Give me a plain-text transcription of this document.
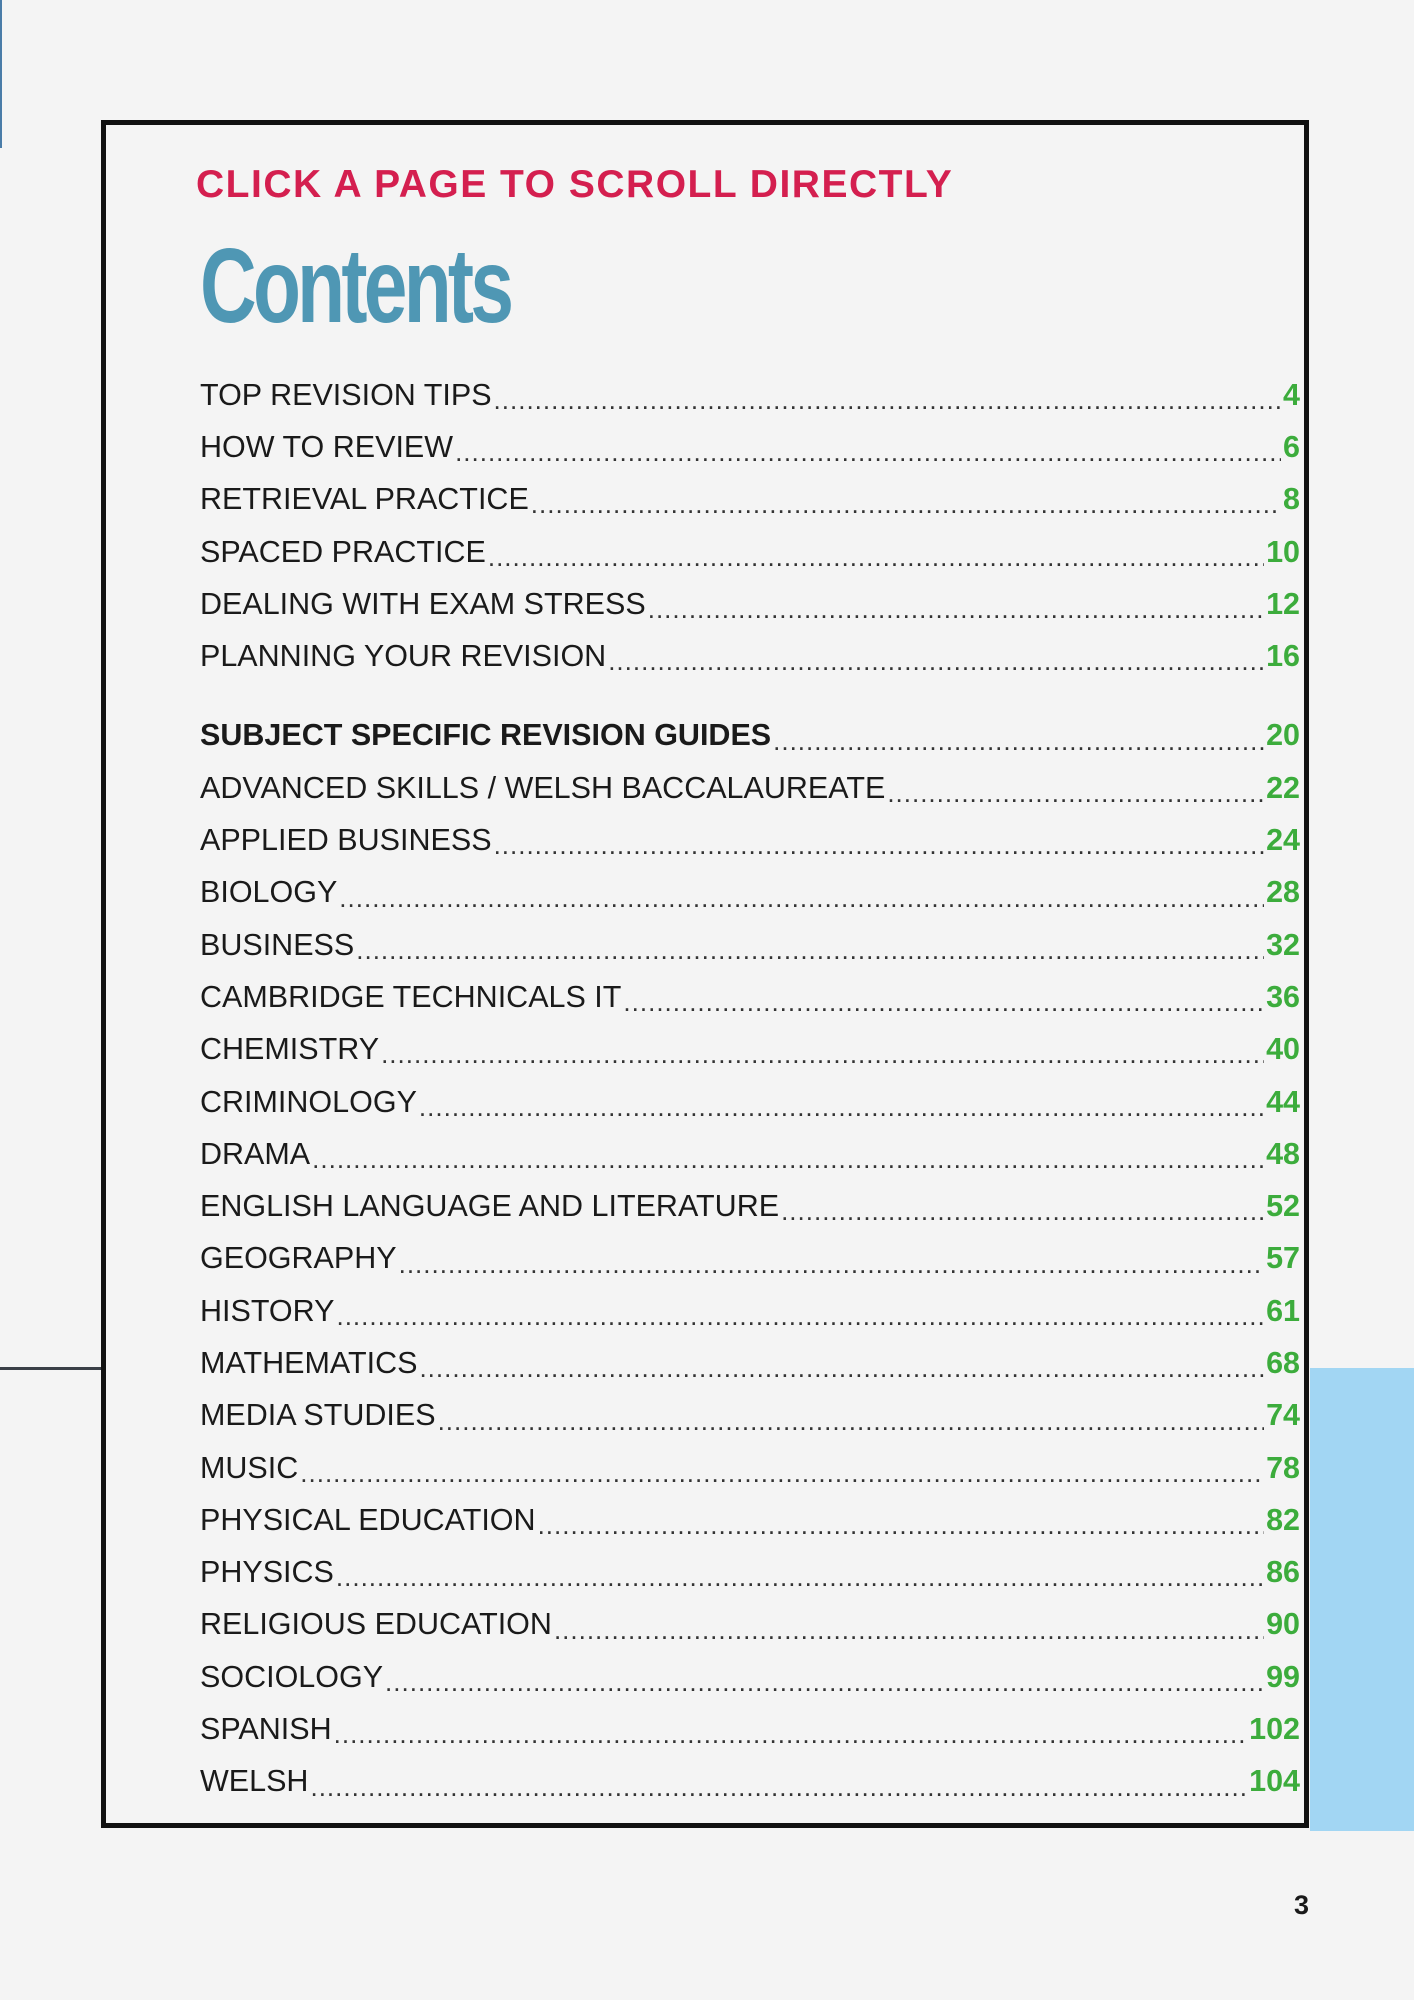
CLICK A PAGE TO SCROLL DIRECTLY
Contents
TOP REVISION TIPS .....	4
HOW TO REVIEW .....	6
RETRIEVAL PRACTICE .....	8
SPACED PRACTICE .....	10
DEALING WITH EXAM STRESS .....	12
PLANNING YOUR REVISION .....	16
SUBJECT SPECIFIC REVISION GUIDES .....	20
ADVANCED SKILLS / WELSH BACCALAUREATE .....	22
APPLIED BUSINESS .....	24
BIOLOGY .....	28
BUSINESS .....	32
CAMBRIDGE TECHNICALS IT .....	36
CHEMISTRY .....	40
CRIMINOLOGY .....	44
DRAMA .....	48
ENGLISH LANGUAGE AND LITERATURE .....	52
GEOGRAPHY .....	57
HISTORY .....	61
MATHEMATICS .....	68
MEDIA STUDIES .....	74
MUSIC .....	78
PHYSICAL EDUCATION .....	82
PHYSICS .....	86
RELIGIOUS EDUCATION .....	90
SOCIOLOGY .....	99
SPANISH .....	102
WELSH .....	104
3
